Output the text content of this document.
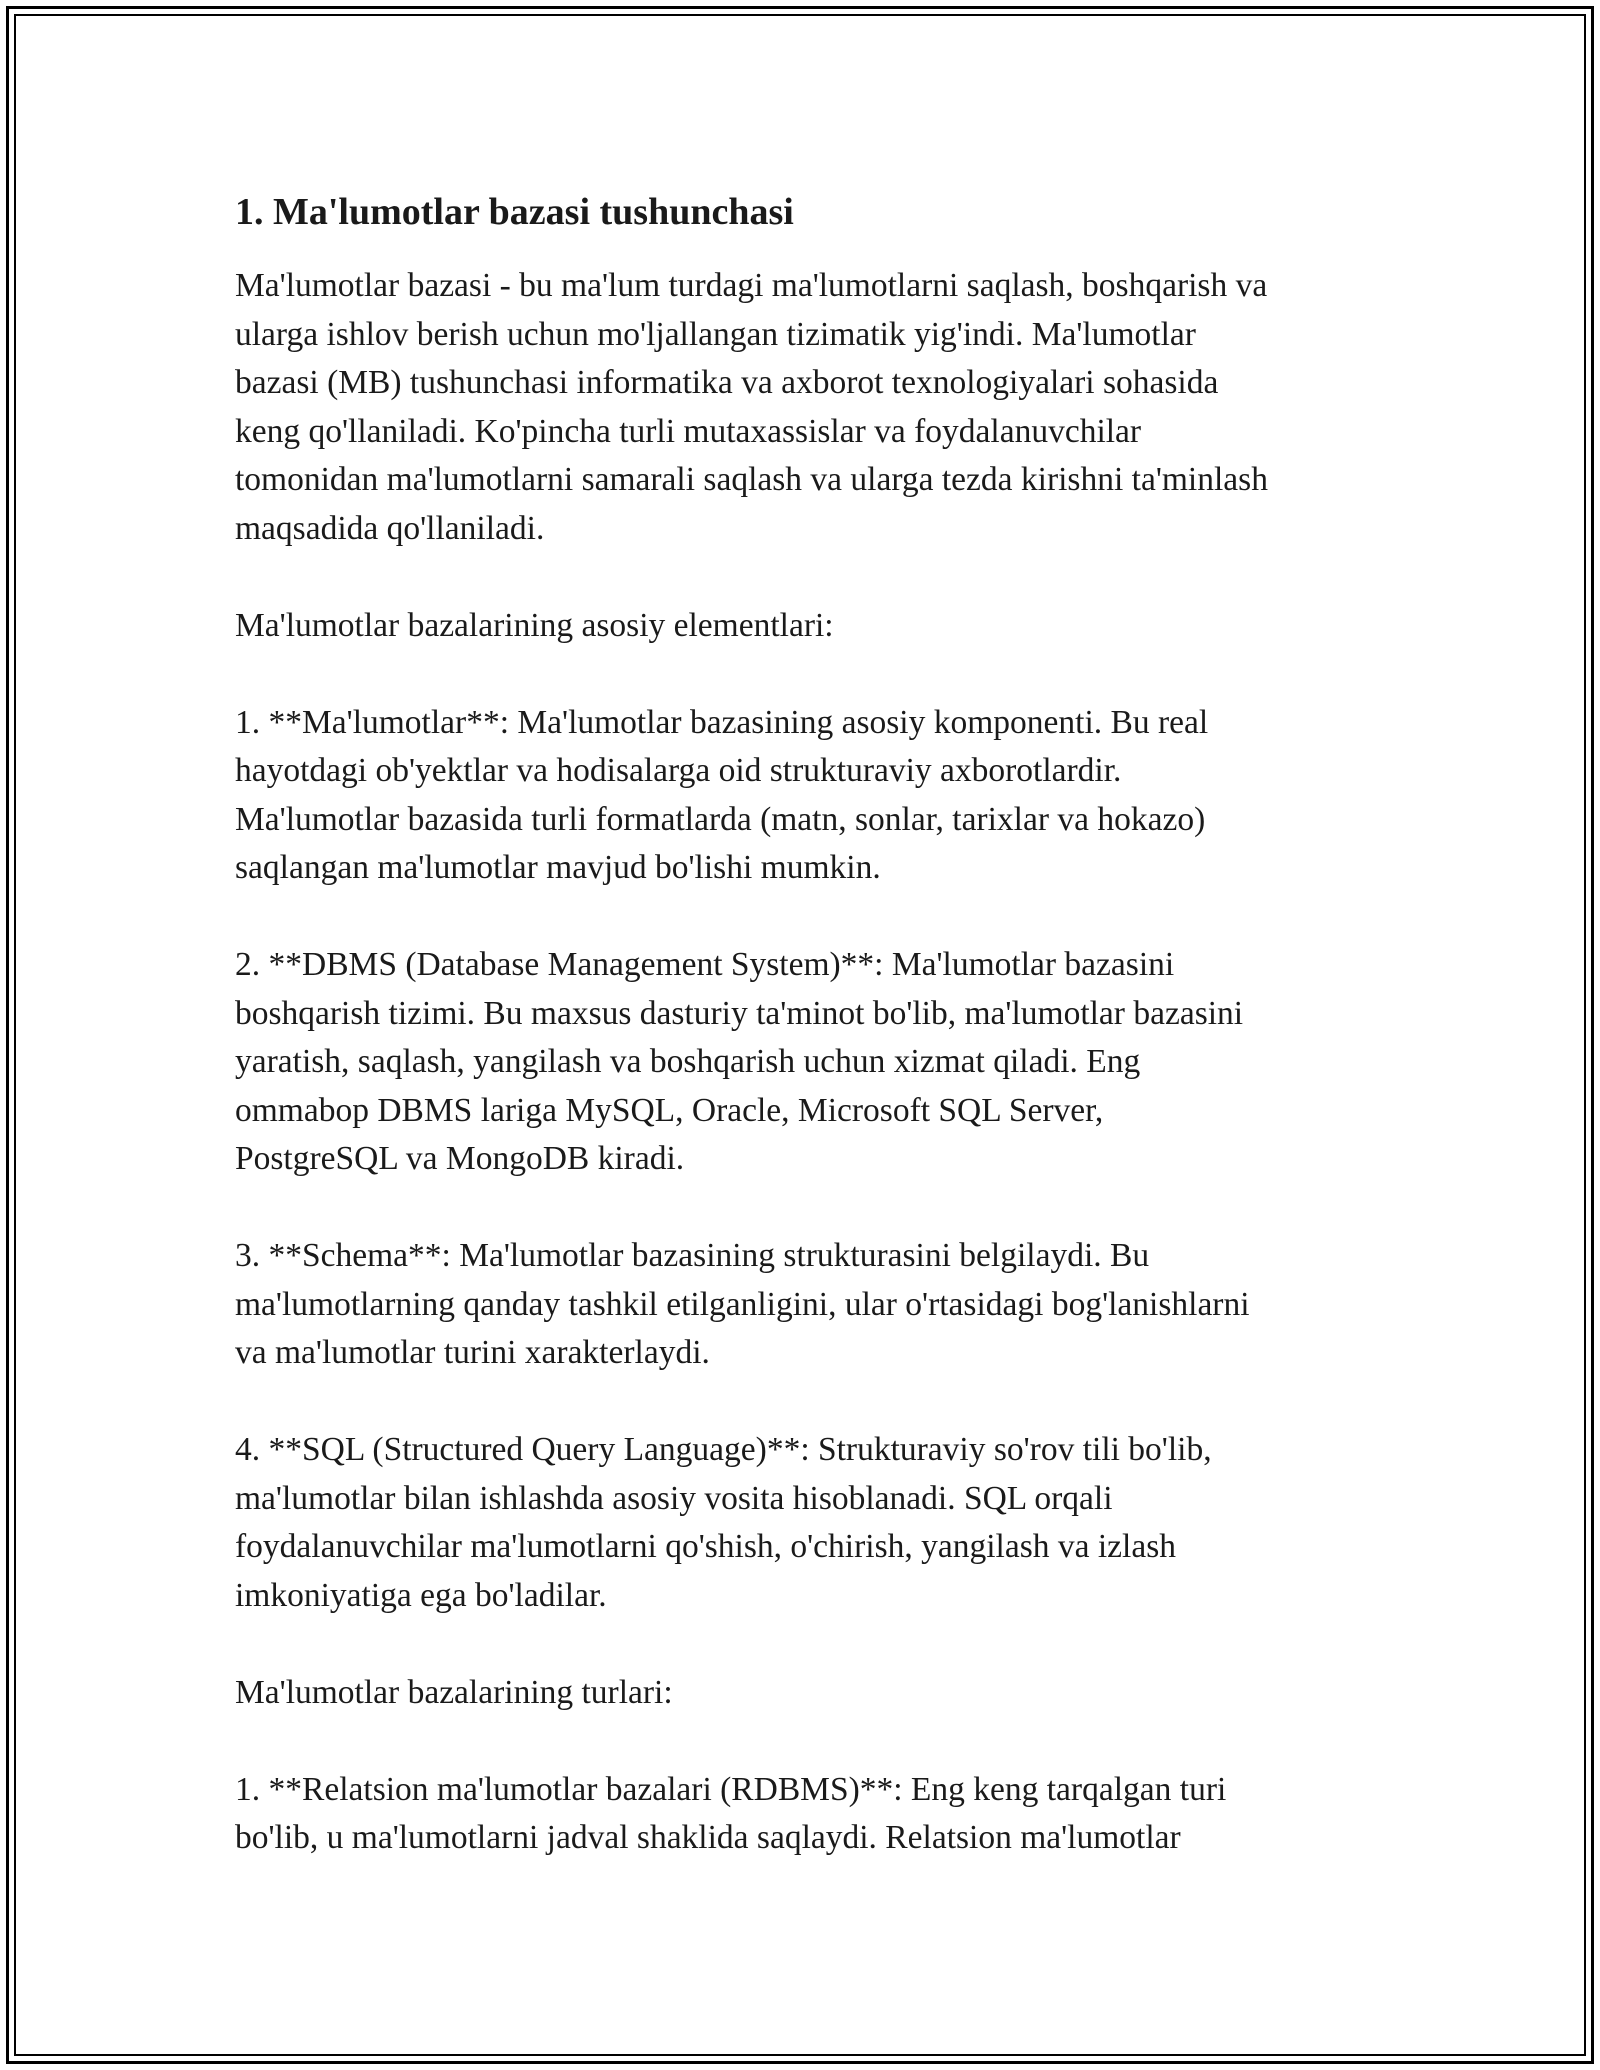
1. Ma'lumotlar bazasi tushunchasi
Ma'lumotlar bazasi - bu ma'lum turdagi ma'lumotlarni saqlash, boshqarish va
ularga ishlov berish uchun mo'ljallangan tizimatik yig'indi. Ma'lumotlar
bazasi (MB) tushunchasi informatika va axborot texnologiyalari sohasida
keng qo'llaniladi. Ko'pincha turli mutaxassislar va foydalanuvchilar
tomonidan ma'lumotlarni samarali saqlash va ularga tezda kirishni ta'minlash
maqsadida qo'llaniladi.
Ma'lumotlar bazalarining asosiy elementlari:
1. **Ma'lumotlar**: Ma'lumotlar bazasining asosiy komponenti. Bu real
hayotdagi ob'yektlar va hodisalarga oid strukturaviy axborotlardir.
Ma'lumotlar bazasida turli formatlarda (matn, sonlar, tarixlar va hokazo)
saqlangan ma'lumotlar mavjud bo'lishi mumkin.
2. **DBMS (Database Management System)**: Ma'lumotlar bazasini
boshqarish tizimi. Bu maxsus dasturiy ta'minot bo'lib, ma'lumotlar bazasini
yaratish, saqlash, yangilash va boshqarish uchun xizmat qiladi. Eng
ommabop DBMS lariga MySQL, Oracle, Microsoft SQL Server,
PostgreSQL va MongoDB kiradi.
3. **Schema**: Ma'lumotlar bazasining strukturasini belgilaydi. Bu
ma'lumotlarning qanday tashkil etilganligini, ular o'rtasidagi bog'lanishlarni
va ma'lumotlar turini xarakterlaydi.
4. **SQL (Structured Query Language)**: Strukturaviy so'rov tili bo'lib,
ma'lumotlar bilan ishlashda asosiy vosita hisoblanadi. SQL orqali
foydalanuvchilar ma'lumotlarni qo'shish, o'chirish, yangilash va izlash
imkoniyatiga ega bo'ladilar.
Ma'lumotlar bazalarining turlari:
1. **Relatsion ma'lumotlar bazalari (RDBMS)**: Eng keng tarqalgan turi
bo'lib, u ma'lumotlarni jadval shaklida saqlaydi. Relatsion ma'lumotlar
